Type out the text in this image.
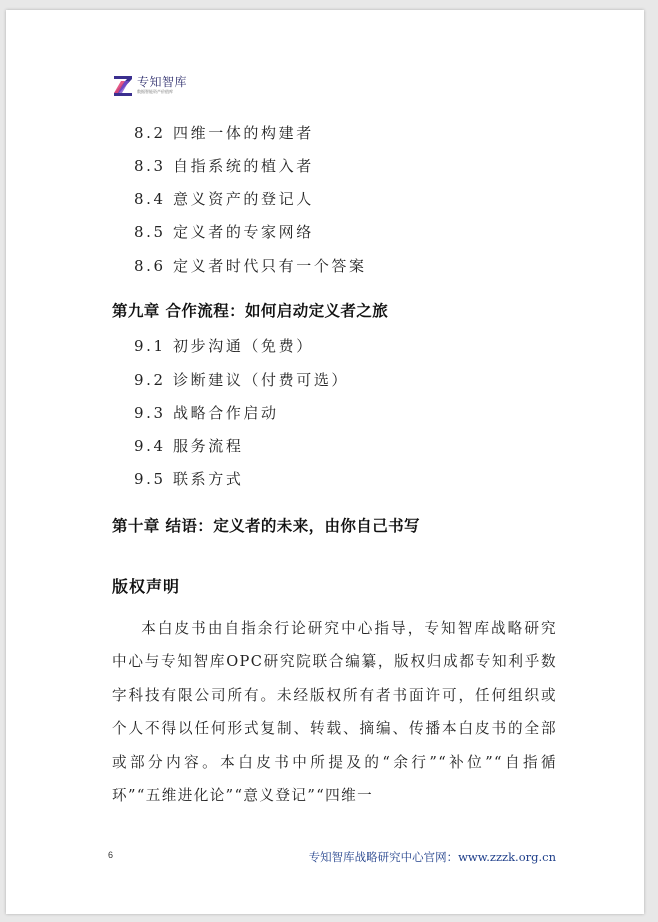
专知智库
数据智能资产价值库
8.2 四维一体的构建者
8.3 自指系统的植入者
8.4 意义资产的登记人
8.5 定义者的专家网络
8.6 定义者时代只有一个答案
第九章 合作流程：如何启动定义者之旅
9.1 初步沟通（免费）
9.2 诊断建议（付费可选）
9.3 战略合作启动
9.4 服务流程
9.5 联系方式
第十章 结语：定义者的未来，由你自己书写
版权声明

本白皮书由自指余行论研究中心指导，专知智库战略研究中心与专知智库OPC研究院联合编纂，版权归成都专知利乎数字科技有限公司所有。未经版权所有者书面许可，任何组织或个人不得以任何形式复制、转载、摘编、传播本白皮书的全部或部分内容。本白皮书中所提及的“余行”“补位”“自指循环”“五维进化论”“意义登记”“四维一

6	专知智库战略研究中心官网：www.zzzk.org.cn
